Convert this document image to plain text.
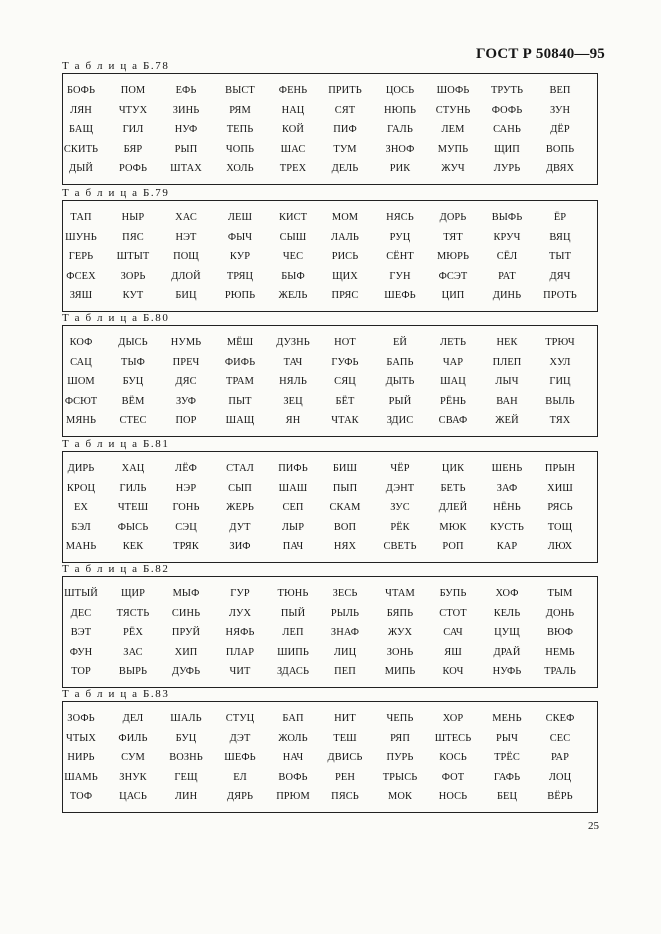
ГОСТ Р 50840—95
Т а б л и ц а Б.78
БОФЬ ПОМ	ЕФЬ	ВЫСТ ФЕНЬ ПРИТЬ ЦОСЬ ШОФЬ ТРУТЬ	ВЕП
ЛЯН	ЧТУХ ЗИНЬ	РЯМ	НАЦ	СЯТ	НЮПЬ СТУНЬ ФОФЬ	ЗУН
БАЩ	ГИЛ	НУФ	ТЕПЬ	КОЙ	ПИФ	ГАЛЬ	ЛЕМ	САНЬ	ДЁР
СКИТЬ БЯР	РЫП	ЧОПЬ	ШАС	ТУМ	ЗНОФ МУПЬ ЩИП ВОПЬ
ДЫЙ РОФЬ ШТАХ ХОЛЬ	ТРЕХ ДЕЛЬ	РИК	ЖУЧ	ЛУРЬ ДВЯХ
Т а б л и ц а Б.79
ТАП	НЫР	ХАС	ЛЕШ	КИСТ МОМ	НЯСЬ ДОРЬ ВЫФЬ	ЁР
ШУНЬ ПЯС	НЭТ	ФЫЧ	СЫШ ЛАЛЬ	РУЦ	ТЯТ	КРУЧ	ВЯЦ
ГЕРЬ ШТЫТ ПОЩ	КУР	ЧЕС	РИСЬ	СЁНТ МЮРЬ	СЁЛ	ТЫТ
ФСЕХ ЗОРЬ ДЛОЙ	ТРЯЦ	БЫФ	ЩИХ	ГУН	ФСЭТ	РАТ	ДЯЧ
ЗЯШ	КУТ	БИЦ	РЮПЬ ЖЕЛЬ ПРЯС ШЕФЬ ЦИП	ДИНЬ ПРОТЬ
Т а б л и ц а Б.80
КОФ ДЫСЬ НУМЬ МЁШ ДУЗНЬ НОТ	ЕЙ	ЛЕТЬ	НЕК	ТРЮЧ
САЦ	ТЫФ	ПРЕЧ ФИФЬ	ТАЧ	ГУФЬ	БАПЬ	ЧАР	ПЛЕП	ХУЛ
ШОМ	БУЦ	ДЯС	ТРАМ НЯЛЬ	СЯЦ	ДЫТЬ ШАЦ	ЛЫЧ	ГИЦ
ФСЮТ ВЁМ	ЗУФ	ПЫТ	ЗЕЦ	БЁТ	РЫЙ	РЁНЬ	ВАН	ВЫЛЬ
МЯНЬ СТЕС	ПОР	ШАЩ	ЯН	ЧТАК	ЗДИС СВАФ	ЖЕЙ	ТЯХ
Т а б л и ц а Б.81
ДИРЬ	ХАЦ	ЛЁФ	СТАЛ ПИФЬ БИШ	ЧЁР	ЦИК	ШЕНЬ ПРЫН
КРОЦ ГИЛЬ	НЭР	СЫП	ШАШ ПЫП	ДЭНТ	БЕТЬ	ЗАФ	ХИШ
ЕХ	ЧТЕШ ГОНЬ	ЖЕРЬ	СЕП СКАМ	ЗУС	ДЛЕЙ НЁНЬ	РЯСЬ
БЭЛ	ФЫСЬ	СЭЦ	ДУТ	ЛЫР	ВОП	РЁК	МЮК КУСТЬ ТОЩ
МАНЬ	КЕК	ТРЯК	ЗИФ	ПАЧ	НЯХ	СВЕТЬ РОП	КАР	ЛЮХ
Т а б л и ц а Б.82
ШТЫЙ ЩИР	МЫФ	ГУР	ТЮНЬ ЗЕСЬ	ЧТАМ БУПЬ	ХОФ	ТЫМ
ДЕС ТЯСТЬ СИНЬ	ЛУХ	ПЫЙ РЫЛЬ	БЯПЬ	СТОТ	КЕЛЬ ДОНЬ
ВЭТ	РЁХ	ПРУЙ НЯФЬ	ЛЕП	ЗНАФ	ЖУХ	САЧ	ЦУЩ	ВЮФ
ФУН	ЗАС	ХИП	ПЛАР ШИПЬ ЛИЦ	ЗОНЬ	ЯШ	ДРАЙ НЕМЬ
ТОР	ВЫРЬ ДУФЬ	ЧИТ	ЗДАСЬ ПЕП	МИПЬ	КОЧ	НУФЬ ТРАЛЬ
Т а б л и ц а Б.83
ЗОФЬ	ДЕЛ	ШАЛЬ СТУЦ	БАП	НИТ	ЧЕПЬ	ХОР	МЕНЬ СКЕФ
ЧТЫХ ФИЛЬ	БУЦ	ДЭТ	ЖОЛЬ ТЕШ	РЯП ШТЕСЬ РЫЧ	СЕС
НИРЬ	СУМ ВОЗНЬ ШЕФЬ	НАЧ ДВИСЬ ПУРЬ КОСЬ	ТРЁС	РАР
ШАМЬ ЗНУК	ГЕЩ	ЕЛ	ВОФЬ	РЕН	ТРЫСЬ ФОТ	ГАФЬ	ЛОЦ
ТОФ	ЦАСЬ	ЛИН	ДЯРЬ ПРЮМ ПЯСЬ	МОК	НОСЬ	БЕЦ	ВЁРЬ
25
